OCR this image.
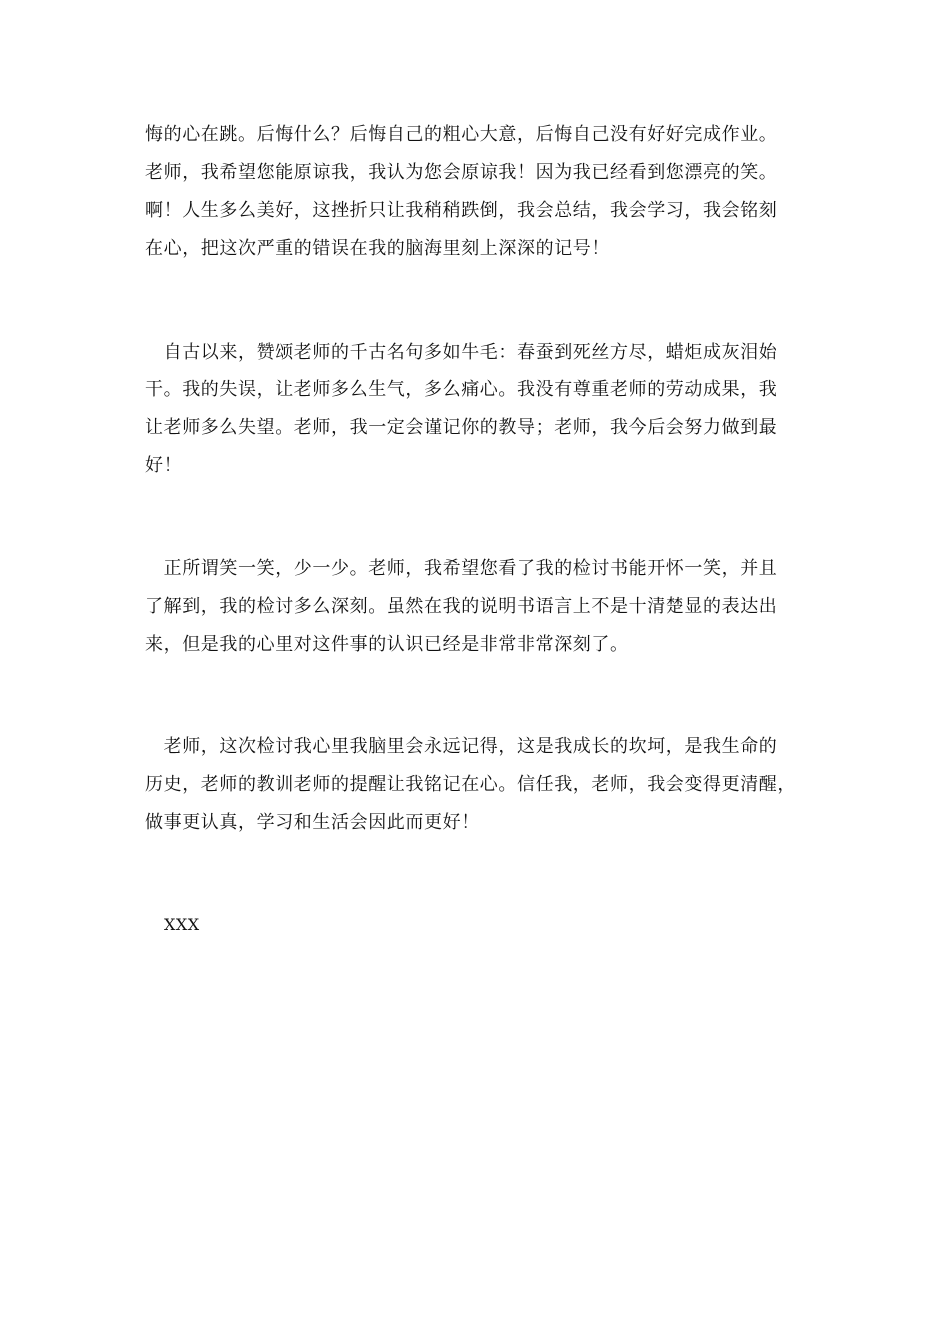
悔的心在跳。后悔什么？后悔自己的粗心大意，后悔自己没有好好完成作业。
老师，我希望您能原谅我，我认为您会原谅我！因为我已经看到您漂亮的笑。
啊！人生多么美好，这挫折只让我稍稍跌倒，我会总结，我会学习，我会铭刻
在心，把这次严重的错误在我的脑海里刻上深深的记号！
　自古以来，赞颂老师的千古名句多如牛毛：春蚕到死丝方尽，蜡炬成灰泪始
干。我的失误，让老师多么生气，多么痛心。我没有尊重老师的劳动成果，我
让老师多么失望。老师，我一定会谨记你的教导；老师，我今后会努力做到最
好！
　正所谓笑一笑，少一少。老师，我希望您看了我的检讨书能开怀一笑，并且
了解到，我的检讨多么深刻。虽然在我的说明书语言上不是十清楚显的表达出
来，但是我的心里对这件事的认识已经是非常非常深刻了。
　老师，这次检讨我心里我脑里会永远记得，这是我成长的坎坷，是我生命的
历史，老师的教训老师的提醒让我铭记在心。信任我，老师，我会变得更清醒，
做事更认真，学习和生活会因此而更好！
XXX
